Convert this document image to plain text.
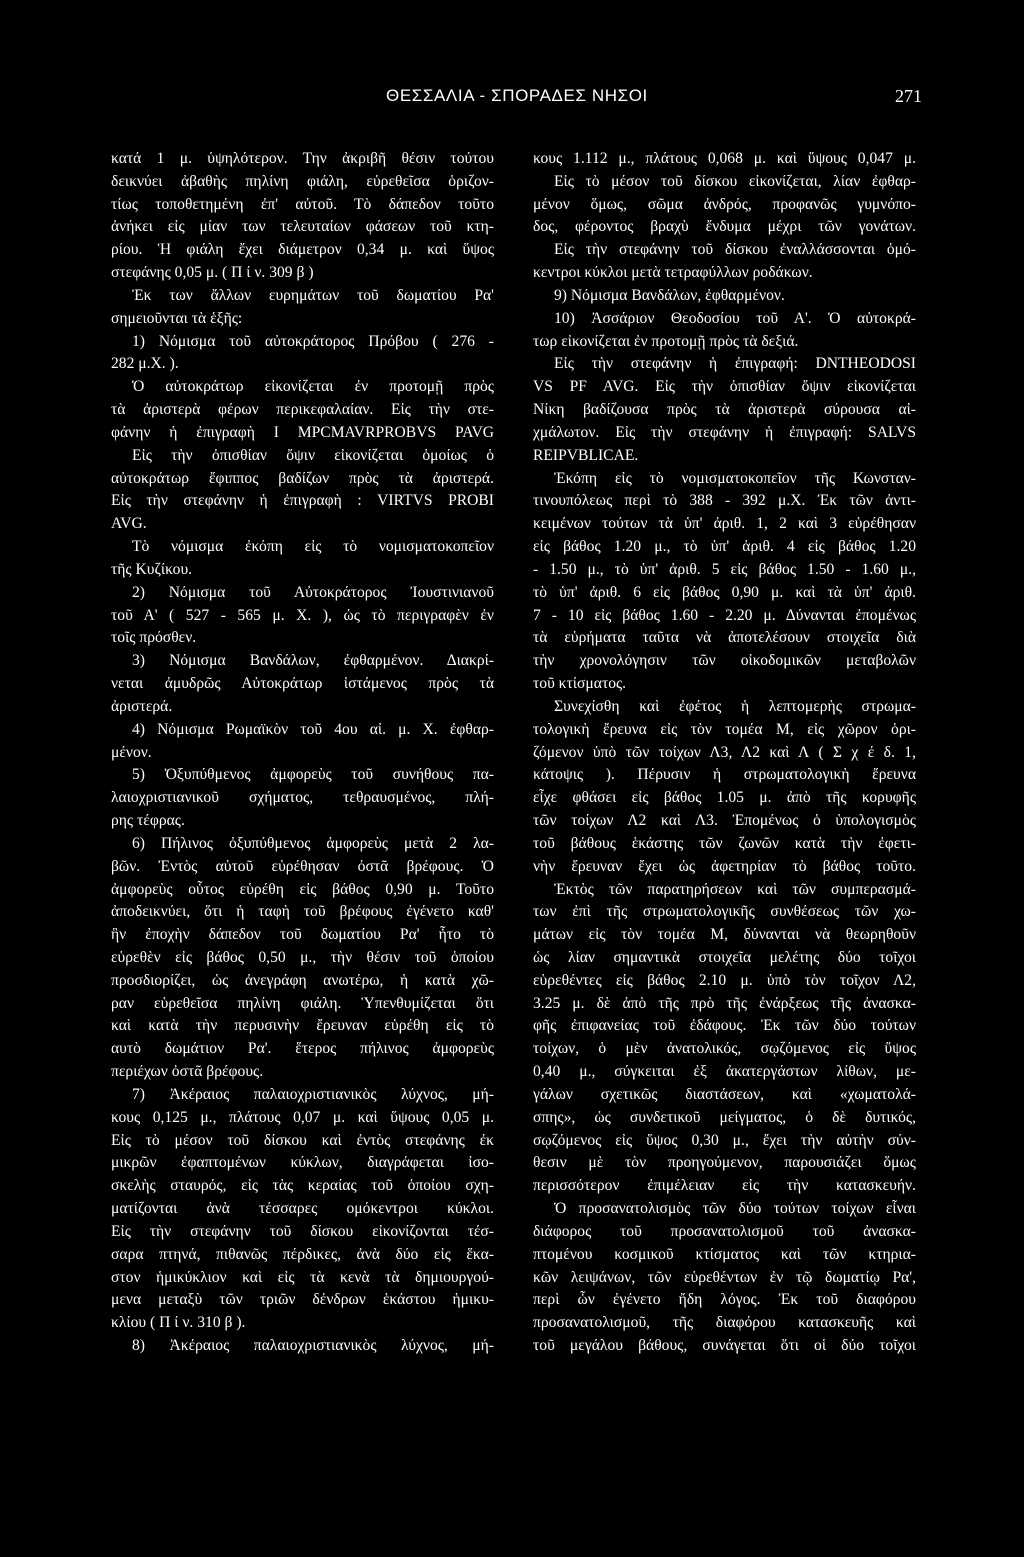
ΘΕΣΣΑΛΙΑ - ΣΠΟΡΑΔΕΣ ΝΗΣΟΙ	271
κατά 1 μ. ὑψηλότερον. Την ἀκριβῆ θέσιν τούτου
δεικνύει ἀβαθὴς πηλίνη φιάλη, εὑρεθεῖσα ὁριζον-
τίως τοποθετημένη ἐπ' αὐτοῦ. Τὸ δάπεδον τοῦτο
ἀνήκει εἰς μίαν των τελευταίων φάσεων τοῦ κτη-
ρίου. Ἡ φιάλη ἔχει διάμετρον 0,34 μ. καὶ ὕψος
στεφάνης 0,05 μ. ( Π ί ν. 309 β )
Ἐκ των ἄλλων ευρημάτων τοῦ δωματίου Ρα'
σημειοῦνται τὰ ἑξῆς:
1) Νόμισμα τοῦ αὐτοκράτορος Πρόβου ( 276 -
282 μ.Χ. ).
Ὁ αὐτοκράτωρ εἰκονίζεται ἐν προτομῇ πρὸς
τὰ ἀριστερὰ φέρων περικεφαλαίαν. Εἰς τὴν στε-
φάνην ἡ ἐπιγραφὴ I MPCMAVRPROBVS PAVG
Εἰς τὴν ὀπισθίαν ὄψιν εἰκονίζεται ὁμοίως ὁ
αὐτοκράτωρ ἔφιππος βαδίζων πρὸς τὰ ἀριστερά.
Εἰς τὴν στεφάνην ἡ ἐπιγραφὴ : VIRTVS PROBI
AVG.
Τὸ νόμισμα ἐκόπη εἰς τὸ νομισματοκοπεῖον
τῆς Κυζίκου.
2) Νόμισμα τοῦ Αὐτοκράτορος Ἰουστινιανοῦ
τοῦ Α' ( 527 - 565 μ. Χ. ), ὡς τὸ περιγραφὲν ἐν
τοῖς πρόσθεν.
3) Νόμισμα Βανδάλων, ἐφθαρμένον. Διακρί-
νεται ἀμυδρῶς Αὐτοκράτωρ ἱστάμενος πρὸς τὰ
ἀριστερά.
4) Νόμισμα Ρωμαϊκὸν τοῦ 4ου αἰ. μ. Χ. ἐφθαρ-
μένον.
5) Ὀξυπύθμενος ἀμφορεὺς τοῦ συνήθους πα-
λαιοχριστιανικοῦ σχήματος, τεθραυσμένος, πλή-
ρης τέφρας.
6) Πήλινος ὀξυπύθμενος ἀμφορεὺς μετὰ 2 λα-
βῶν. Ἐντὸς αὐτοῦ εὑρέθησαν ὀστᾶ βρέφους. Ὁ
ἀμφορεὺς οὗτος εὑρέθη εἰς βάθος 0,90 μ. Τοῦτο
ἀποδεικνύει, ὅτι ἡ ταφὴ τοῦ βρέφους ἐγένετο καθ'
ἣν ἐποχὴν δάπεδον τοῦ δωματίου Ρα' ἦτο τὸ
εὑρεθὲν εἰς βάθος 0,50 μ., τὴν θέσιν τοῦ ὁποίου
προσδιορίζει, ὡς ἀνεγράφη ανωτέρω, ἡ κατὰ χῶ-
ραν εὑρεθεῖσα πηλίνη φιάλη. Ὑπενθυμίζεται ὅτι
καὶ κατὰ τὴν περυσινὴν ἔρευναν εὑρέθη εἰς τὸ
αυτὸ δωμάτιον Ρα'. ἕτερος πήλινος ἀμφορεὺς
περιέχων ὀστᾶ βρέφους.
7) Ἀκέραιος παλαιοχριστιανικὸς λύχνος, μή-
κους 0,125 μ., πλάτους 0,07 μ. καὶ ὕψους 0,05 μ.
Εἰς τὸ μέσον τοῦ δίσκου καὶ ἐντὸς στεφάνης ἐκ
μικρῶν ἐφαπτομένων κύκλων, διαγράφεται ἰσο-
σκελὴς σταυρός, εἰς τὰς κεραίας τοῦ ὁποίου σχη-
ματίζονται ἀνὰ τέσσαρες ομόκεντροι κύκλοι.
Εἰς τὴν στεφάνην τοῦ δίσκου εἰκονίζονται τέσ-
σαρα πτηνά, πιθανῶς πέρδικες, ἀνὰ δύο εἰς ἕκα-
στον ἡμικύκλιον καὶ εἰς τὰ κενὰ τὰ δημιουργού-
μενα μεταξὺ τῶν τριῶν δένδρων ἑκάστου ἡμικυ-
κλίου ( Π ί ν. 310 β ).
8) Ἀκέραιος παλαιοχριστιανικὸς λύχνος, μή-
κους 1.112 μ., πλάτους 0,068 μ. καὶ ὕψους 0,047 μ.
Εἰς τὸ μέσον τοῦ δίσκου εἰκονίζεται, λίαν ἐφθαρ-
μένον ὅμως, σῶμα ἀνδρός, προφανῶς γυμνόπο-
δος, φέροντος βραχὺ ἔνδυμα μέχρι τῶν γονάτων.
Εἰς τὴν στεφάνην τοῦ δίσκου ἐναλλάσσονται ὁμό-
κεντροι κύκλοι μετὰ τετραφύλλων ροδάκων.
9) Νόμισμα Βανδάλων, ἐφθαρμένον.
10) Ἀσσάριον Θεοδοσίου τοῦ Α'. Ὁ αὐτοκρά-
τωρ εἰκονίζεται ἐν προτομῇ πρὸς τὰ δεξιά.
Εἰς τὴν στεφάνην ἡ ἐπιγραφή: DNTHEODOSI
VS PF AVG. Εἰς τὴν ὀπισθίαν ὄψιν εἰκονίζεται
Νίκη βαδίζουσα πρὸς τὰ ἀριστερὰ σύρουσα αἰ-
χμάλωτον. Εἰς τὴν στεφάνην ἡ ἐπιγραφή: SALVS
REIPVBLICAE.
Ἐκόπη εἰς τὸ νομισματοκοπεῖον τῆς Κωνσταν-
τινουπόλεως περὶ τὸ 388 - 392 μ.Χ. Ἐκ τῶν ἀντι-
κειμένων τούτων τὰ ὑπ' ἀριθ. 1, 2 καὶ 3 εὑρέθησαν
εἰς βάθος 1.20 μ., τὸ ὑπ' ἀριθ. 4 εἰς βάθος 1.20
- 1.50 μ., τὸ ὑπ' ἀριθ. 5 εἰς βάθος 1.50 - 1.60 μ.,
τὸ ὑπ' ἀριθ. 6 εἰς βάθος 0,90 μ. καὶ τὰ ὑπ' ἀριθ.
7 - 10 εἰς βάθος 1.60 - 2.20 μ. Δύνανται ἐπομένως
τὰ εὑρήματα ταῦτα νὰ ἀποτελέσουν στοιχεῖα διὰ
τὴν χρονολόγησιν τῶν οἰκοδομικῶν μεταβολῶν
τοῦ κτίσματος.
Συνεχίσθη καὶ ἐφέτος ἡ λεπτομερὴς στρωμα-
τολογικὴ ἔρευνα εἰς τὸν τομέα Μ, εἰς χῶρον ὁρι-
ζόμενον ὑπὸ τῶν τοίχων Λ3, Λ2 καὶ Λ ( Σ χ έ δ. 1,
κάτοψις ). Πέρυσιν ἡ στρωματολογικὴ ἔρευνα
εἶχε φθάσει εἰς βάθος 1.05 μ. ἀπὸ τῆς κορυφῆς
τῶν τοίχων Λ2 καὶ Λ3. Ἐπομένως ὁ ὑπολογισμὸς
τοῦ βάθους ἑκάστης τῶν ζωνῶν κατὰ τὴν ἐφετι-
νὴν ἔρευναν ἔχει ὡς ἀφετηρίαν τὸ βάθος τοῦτο.
Ἐκτὸς τῶν παρατηρήσεων καὶ τῶν συμπερασμά-
των ἐπὶ τῆς στρωματολογικῆς συνθέσεως τῶν χω-
μάτων εἰς τὸν τομέα Μ, δύνανται νὰ θεωρηθοῦν
ὡς λίαν σημαντικὰ στοιχεῖα μελέτης δύο τοῖχοι
εὑρεθέντες εἰς βάθος 2.10 μ. ὑπὸ τὸν τοῖχον Λ2,
3.25 μ. δὲ ἀπὸ τῆς πρὸ τῆς ἐνάρξεως τῆς ἀνασκα-
φῆς ἐπιφανείας τοῦ ἐδάφους. Ἐκ τῶν δύο τούτων
τοίχων, ὁ μὲν ἀνατολικός, σῳζόμενος εἰς ὕψος
0,40 μ., σύγκειται ἐξ ἀκατεργάστων λίθων, με-
γάλων σχετικῶς διαστάσεων, καὶ «χωματολά-
σπης», ὡς συνδετικοῦ μείγματος, ὁ δὲ δυτικός,
σῳζόμενος εἰς ὕψος 0,30 μ., ἔχει τὴν αὐτὴν σύν-
θεσιν μὲ τὸν προηγούμενον, παρουσιάζει ὅμως
περισσότερον ἐπιμέλειαν εἰς τὴν κατασκευήν.
Ὁ προσανατολισμὸς τῶν δύο τούτων τοίχων εἶναι
διάφορος τοῦ προσανατολισμοῦ τοῦ ἀνασκα-
πτομένου κοσμικοῦ κτίσματος καὶ τῶν κτηρια-
κῶν λειψάνων, τῶν εὑρεθέντων ἐν τῷ δωματίῳ Ρα',
περὶ ὧν ἐγένετο ἤδη λόγος. Ἐκ τοῦ διαφόρου
προσανατολισμοῦ, τῆς διαφόρου κατασκευῆς καὶ
τοῦ μεγάλου βάθους, συνάγεται ὅτι οἱ δύο τοῖχοι
